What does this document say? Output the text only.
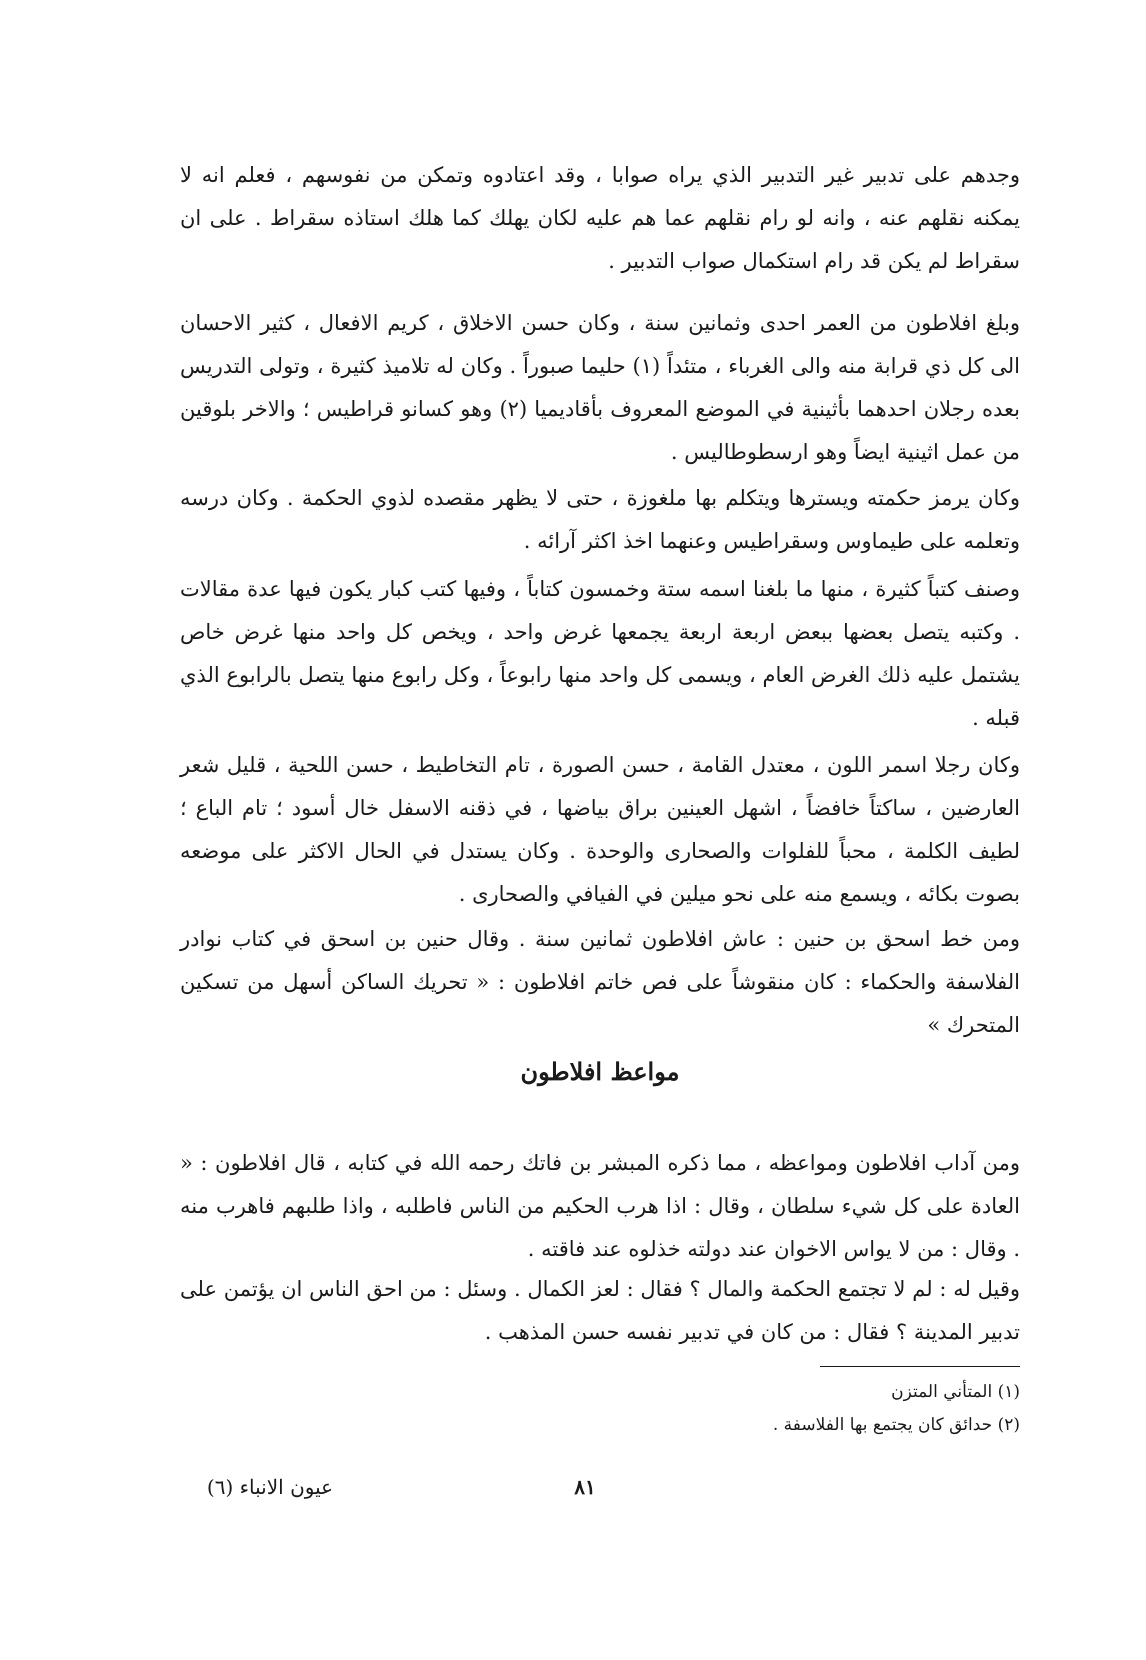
وجدهم على تدبير غير التدبير الذي يراه صوابا ، وقد اعتادوه وتمكن من نفوسهم ، فعلم انه لا يمكنه نقلهم عنه ، وانه لو رام نقلهم عما هم عليه لكان يهلك كما هلك استاذه سقراط . على ان سقراط لم يكن قد رام استكمال صواب التدبير .

وبلغ افلاطون من العمر احدى وثمانين سنة ، وكان حسن الاخلاق ، كريم الافعال ، كثير الاحسان الى كل ذي قرابة منه والى الغرباء ، متئداً (١) حليما صبوراً . وكان له تلاميذ كثيرة ، وتولى التدريس بعده رجلان احدهما بأثينية في الموضع المعروف بأقاديميا (٢) وهو كسانو قراطيس ؛ والاخر بلوقين من عمل اثينية ايضاً وهو ارسطوطاليس .

وكان يرمز حكمته ويسترها ويتكلم بها ملغوزة ، حتى لا يظهر مقصده لذوي الحكمة . وكان درسه وتعلمه على طيماوس وسقراطيس وعنهما اخذ اكثر آرائه .

وصنف كتباً كثيرة ، منها ما بلغنا اسمه ستة وخمسون كتاباً ، وفيها كتب كبار يكون فيها عدة مقالات . وكتبه يتصل بعضها ببعض اربعة اربعة يجمعها غرض واحد ، ويخص كل واحد منها غرض خاص يشتمل عليه ذلك الغرض العام ، ويسمى كل واحد منها رابوعاً ، وكل رابوع منها يتصل بالرابوع الذي قبله .

وكان رجلا اسمر اللون ، معتدل القامة ، حسن الصورة ، تام التخاطيط ، حسن اللحية ، قليل شعر العارضين ، ساكتاً خافضاً ، اشهل العينين براق بياضها ، في ذقنه الاسفل خال أسود ؛ تام الباع ؛ لطيف الكلمة ، محباً للفلوات والصحارى والوحدة . وكان يستدل في الحال الاكثر على موضعه بصوت بكائه ، ويسمع منه على نحو ميلين في الفيافي والصحارى .

ومن خط اسحق بن حنين : عاش افلاطون ثمانين سنة . وقال حنين بن اسحق في كتاب نوادر الفلاسفة والحكماء : كان منقوشاً على فص خاتم افلاطون : « تحريك الساكن أسهل من تسكين المتحرك »

مواعظ افلاطون

ومن آداب افلاطون ومواعظه ، مما ذكره المبشر بن فاتك رحمه الله في كتابه ، قال افلاطون : « العادة على كل شيء سلطان ، وقال : اذا هرب الحكيم من الناس فاطلبه ، واذا طلبهم فاهرب منه . وقال : من لا يواس الاخوان عند دولته خذلوه عند فاقته .

وقيل له : لم لا تجتمع الحكمة والمال ؟ فقال : لعز الكمال . وسئل : من احق الناس ان يؤتمن على تدبير المدينة ؟ فقال : من كان في تدبير نفسه حسن المذهب .

(١) المتأني المتزن

(٢) حدائق كان يجتمع بها الفلاسفة .

٨١
عيون الانباء (٦)
